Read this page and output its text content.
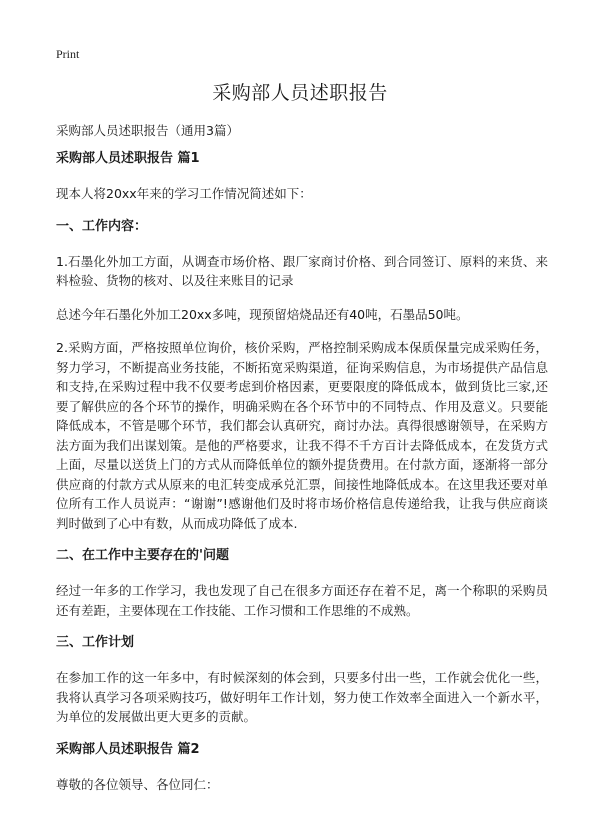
Print
采购部人员述职报告

采购部人员述职报告（通用3篇）

采购部人员述职报告 篇1

现本人将20xx年来的学习工作情况简述如下：

一、工作内容：

1.石墨化外加工方面，从调查市场价格、跟厂家商讨价格、到合同签订、原料的来货、来料检验、货物的核对、以及往来账目的记录

总述今年石墨化外加工20xx多吨，现预留焙烧品还有40吨，石墨品50吨。

2.采购方面，严格按照单位询价，核价采购，严格控制采购成本保质保量完成采购任务，努力学习，不断提高业务技能，不断拓宽采购渠道，征询采购信息，为市场提供产品信息和支持,在采购过程中我不仅要考虑到价格因素，更要限度的降低成本，做到货比三家,还要了解供应的各个环节的操作，明确采购在各个环节中的不同特点、作用及意义。只要能降低成本，不管是哪个环节，我们都会认真研究，商讨办法。真得很感谢领导，在采购方法方面为我们出谋划策。是他的严格要求，让我不得不千方百计去降低成本，在发货方式上面，尽量以送货上门的方式从而降低单位的额外提货费用。在付款方面，逐渐将一部分供应商的付款方式从原来的电汇转变成承兑汇票，间接性地降低成本。在这里我还要对单位所有工作人员说声：“谢谢”!感谢他们及时将市场价格信息传递给我，让我与供应商谈判时做到了心中有数，从而成功降低了成本.

二、在工作中主要存在的'问题

经过一年多的工作学习，我也发现了自己在很多方面还存在着不足，离一个称职的采购员还有差距，主要体现在工作技能、工作习惯和工作思维的不成熟。

三、工作计划

在参加工作的这一年多中，有时候深刻的体会到，只要多付出一些，工作就会优化一些，我将认真学习各项采购技巧，做好明年工作计划，努力使工作效率全面进入一个新水平，为单位的发展做出更大更多的贡献。

采购部人员述职报告 篇2

尊敬的各位领导、各位同仁：
